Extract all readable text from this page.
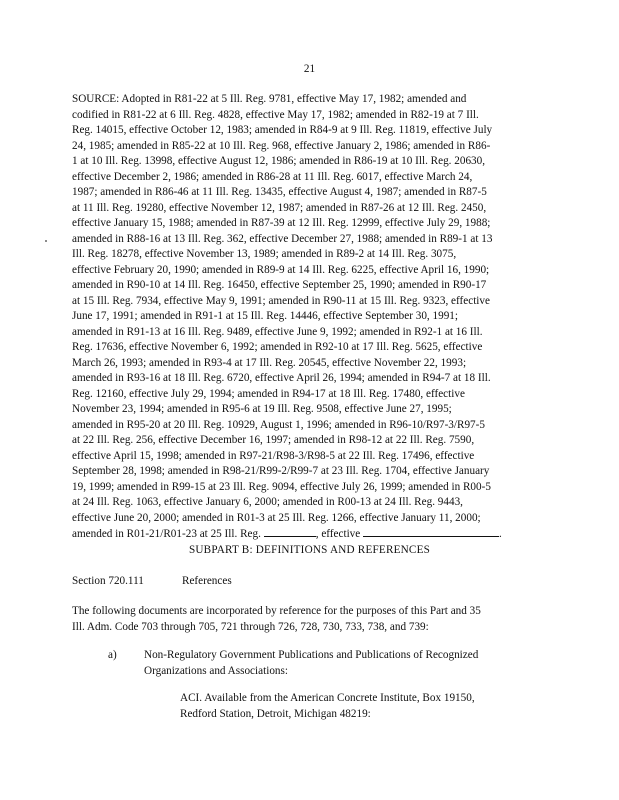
21
SOURCE: Adopted in R81-22 at 5 Ill. Reg. 9781, effective May 17, 1982; amended and
codified in R81-22 at 6 Ill. Reg. 4828, effective May 17, 1982; amended in R82-19 at 7 Ill.
Reg. 14015, effective October 12, 1983; amended in R84-9 at 9 Ill. Reg. 11819, effective July
24, 1985; amended in R85-22 at 10 Ill. Reg. 968, effective January 2, 1986; amended in R86-
1 at 10 Ill. Reg. 13998, effective August 12, 1986; amended in R86-19 at 10 Ill. Reg. 20630,
effective December 2, 1986; amended in R86-28 at 11 Ill. Reg. 6017, effective March 24,
1987; amended in R86-46 at 11 Ill. Reg. 13435, effective August 4, 1987; amended in R87-5
at 11 Ill. Reg. 19280, effective November 12, 1987; amended in R87-26 at 12 Ill. Reg. 2450,
effective January 15, 1988; amended in R87-39 at 12 Ill. Reg. 12999, effective July 29, 1988;
amended in R88-16 at 13 Ill. Reg. 362, effective December 27, 1988; amended in R89-1 at 13
Ill. Reg. 18278, effective November 13, 1989; amended in R89-2 at 14 Ill. Reg. 3075,
effective February 20, 1990; amended in R89-9 at 14 Ill. Reg. 6225, effective April 16, 1990;
amended in R90-10 at 14 Ill. Reg. 16450, effective September 25, 1990; amended in R90-17
at 15 Ill. Reg. 7934, effective May 9, 1991; amended in R90-11 at 15 Ill. Reg. 9323, effective
June 17, 1991; amended in R91-1 at 15 Ill. Reg. 14446, effective September 30, 1991;
amended in R91-13 at 16 Ill. Reg. 9489, effective June 9, 1992; amended in R92-1 at 16 Ill.
Reg. 17636, effective November 6, 1992; amended in R92-10 at 17 Ill. Reg. 5625, effective
March 26, 1993; amended in R93-4 at 17 Ill. Reg. 20545, effective November 22, 1993;
amended in R93-16 at 18 Ill. Reg. 6720, effective April 26, 1994; amended in R94-7 at 18 Ill.
Reg. 12160, effective July 29, 1994; amended in R94-17 at 18 Ill. Reg. 17480, effective
November 23, 1994; amended in R95-6 at 19 Ill. Reg. 9508, effective June 27, 1995;
amended in R95-20 at 20 Ill. Reg. 10929, August 1, 1996; amended in R96-10/R97-3/R97-5
at 22 Ill. Reg. 256, effective December 16, 1997; amended in R98-12 at 22 Ill. Reg. 7590,
effective April 15, 1998; amended in R97-21/R98-3/R98-5 at 22 Ill. Reg. 17496, effective
September 28, 1998; amended in R98-21/R99-2/R99-7 at 23 Ill. Reg. 1704, effective January
19, 1999; amended in R99-15 at 23 Ill. Reg. 9094, effective July 26, 1999; amended in R00-5
at 24 Ill. Reg. 1063, effective January 6, 2000; amended in R00-13 at 24 Ill. Reg. 9443,
effective June 20, 2000; amended in R01-3 at 25 Ill. Reg. 1266, effective January 11, 2000;
amended in R01-21/R01-23 at 25 Ill. Reg.	, effective	.
SUBPART B: DEFINITIONS AND REFERENCES
Section 720.111	References
The following documents are incorporated by reference for the purposes of this Part and 35
Ill. Adm. Code 703 through 705, 721 through 726, 728, 730, 733, 738, and 739:
a) Non-Regulatory Government Publications and Publications of Recognized
Organizations and Associations:
ACI. Available from the American Concrete Institute, Box 19150,
Redford Station, Detroit, Michigan 48219:
